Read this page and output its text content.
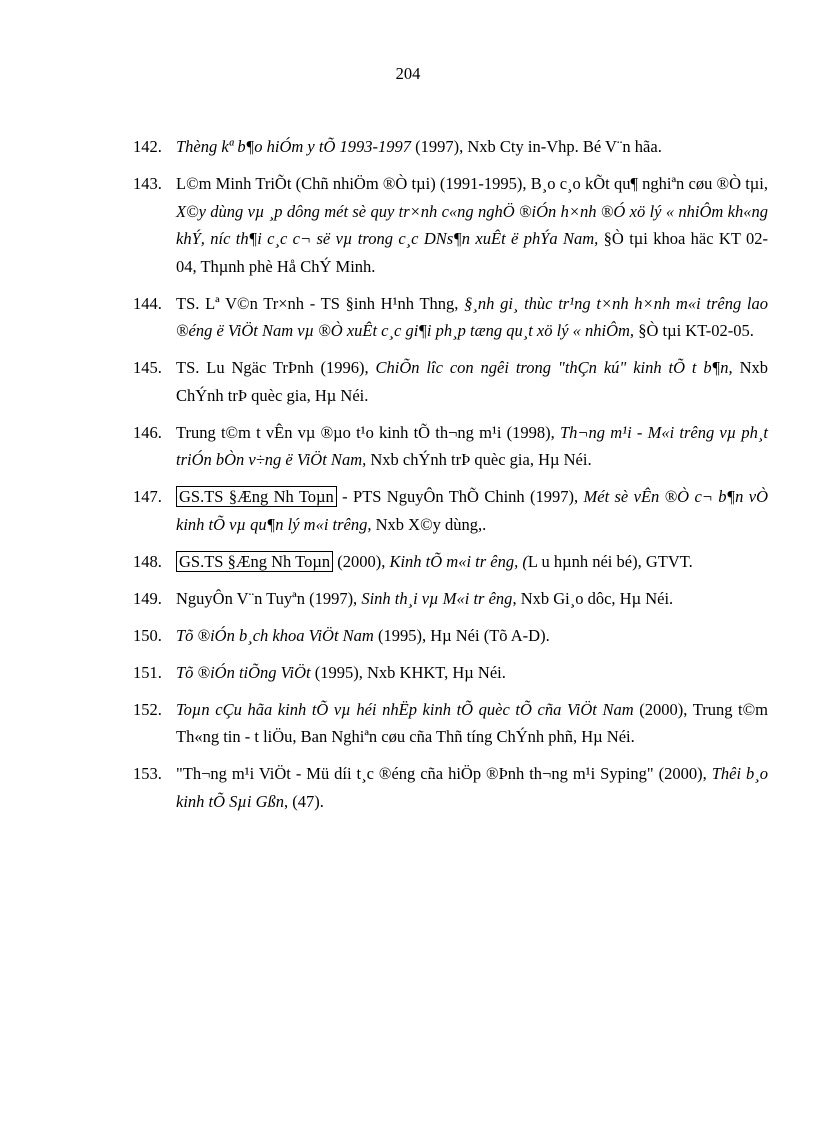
204
142. Thèng kª b¶o hiÓm y tÕ 1993-1997 (1997), Nxb Cty in-Vhp. Bé V¨n hãa.
143. L©m Minh TriÕt (Chñ nhiÖm ®Ò tµi) (1991-1995), B¸o c¸o kÕt qu¶ nghiªn cøu ®Ò tµi, X©y dùng vµ ¸p dông mét sè quy tr×nh c«ng nghÖ ®iÓn h×nh ®Ó xö lý « nhiÔm kh«ng khÝ, níc th¶i c¸c c¬ së vµ trong c¸c DNs¶n xuÊt ë phÝa Nam, §Ò tµi khoa häc KT 02- 04, Thµnh phè Hå ChÝ Minh.
144. TS. Lª V©n Tr×nh - TS §inh H¹nh Thng, §¸nh gi¸ thùc tr¹ng t×nh h×nh m«i trêng lao ®éng ë ViÖt Nam vµ ®Ò xuÊt c¸c gi¶i ph¸p tæng qu¸t xö lý « nhiÔm, §Ò tµi KT-02-05.
145. TS. Lu Ngäc TrÞnh (1996), ChiÕn lîc con ngêi trong "thÇn kú" kinh tÕ t b¶n, Nxb ChÝnh trÞ quèc gia, Hµ Néi.
146. Trung t©m t vÊn vµ ®µo t¹o kinh tÕ th¬ng m¹i (1998), Th¬ng m¹i - M«i trêng vµ ph¸t triÓn bÒn v÷ng ë ViÖt Nam, Nxb chÝnh trÞ quèc gia, Hµ Néi.
147. GS.TS §Æng Nh Toµn - PTS NguyÔn ThÕ Chinh (1997), Mét sè vÊn ®Ò c¬ b¶n vÒ kinh tÕ vµ qu¶n lý m«i trêng, Nxb X©y dùng,.
148. GS.TS §Æng Nh Toµn (2000), Kinh tÕ m«i tr êng, (L u hµnh néi bé), GTVT.
149. NguyÔn V¨n Tuyªn (1997), Sinh th¸i vµ M«i tr êng, Nxb Gi¸o dôc, Hµ Néi.
150. Tõ ®iÓn b¸ch khoa ViÖt Nam (1995), Hµ Néi (Tõ A-D).
151. Tõ ®iÓn tiÕng ViÖt (1995), Nxb KHKT, Hµ Néi.
152. Toµn cÇu hãa kinh tÕ vµ héi nhËp kinh tÕ quèc tÕ cña ViÖt Nam (2000), Trung t©m Th«ng tin - t liÖu, Ban Nghiªn cøu cña Thñ tíng ChÝnh phñ, Hµ Néi.
153. "Th¬ng m¹i ViÖt - Mü díi t¸c ®éng cña hiÖp ®Þnh th¬ng m¹i Syping" (2000), Thêi b¸o kinh tÕ Sµi Gßn, (47).
